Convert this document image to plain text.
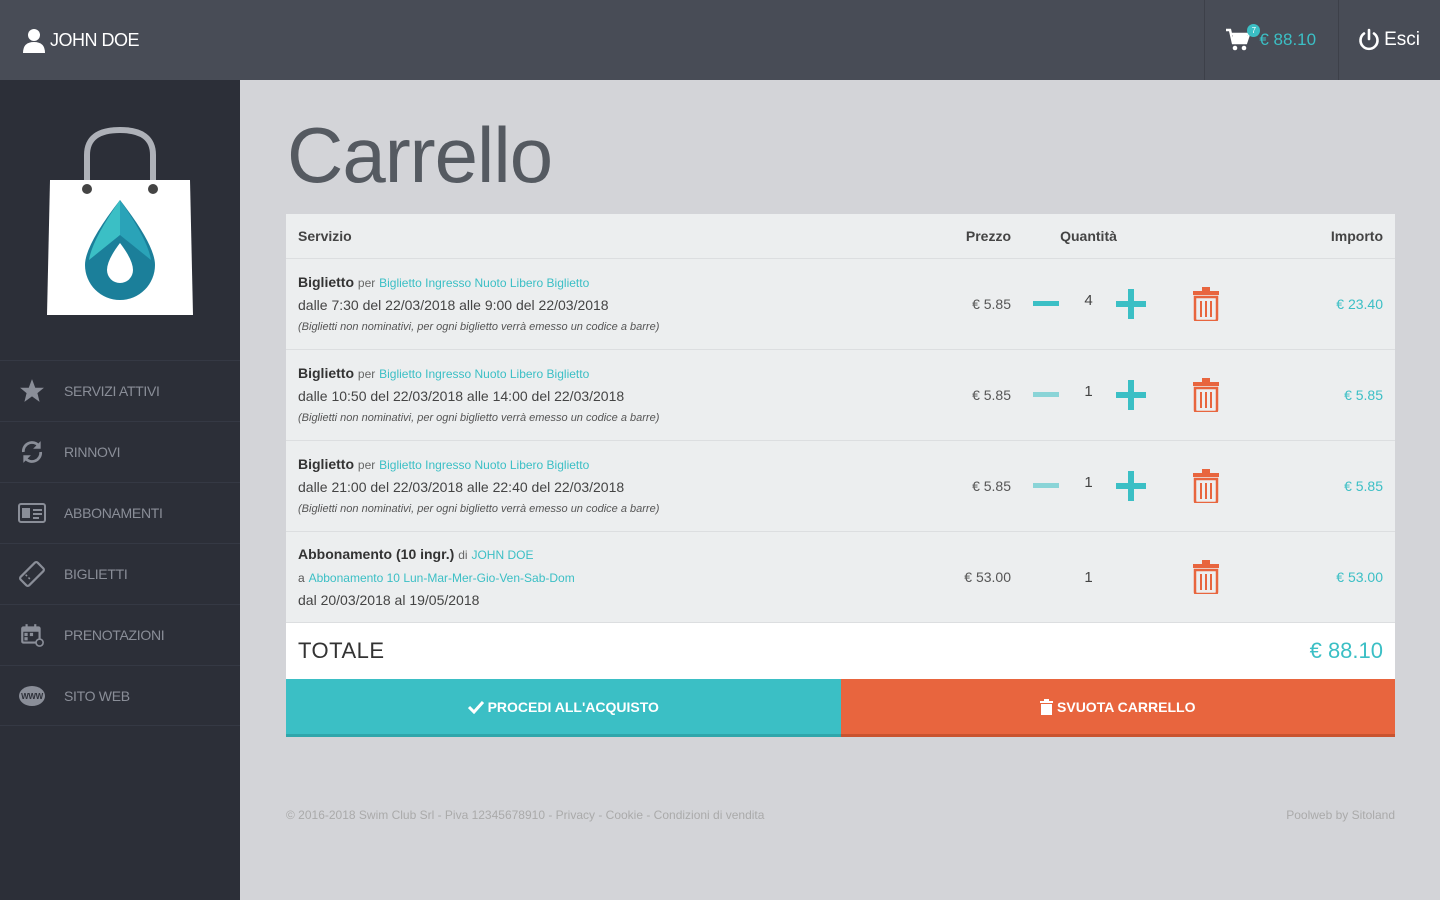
JOHN DOE	7 € 88.10	Esci
SERVIZI ATTIVI
RINNOVI
ABBONAMENTI
BIGLIETTI
PRENOTAZIONI
WWW SITO WEB
Carrello
Servizio	Prezzo	Quantità	Importo
Biglietto per Biglietto Ingresso Nuoto Libero Biglietto
dalle 7:30 del 22/03/2018 alle 9:00 del 22/03/2018
(Biglietti non nominativi, per ogni biglietto verrà emesso un codice a barre)
€ 5.85	4	€ 23.40
Biglietto per Biglietto Ingresso Nuoto Libero Biglietto
dalle 10:50 del 22/03/2018 alle 14:00 del 22/03/2018
(Biglietti non nominativi, per ogni biglietto verrà emesso un codice a barre)
€ 5.85	1	€ 5.85
Biglietto per Biglietto Ingresso Nuoto Libero Biglietto
dalle 21:00 del 22/03/2018 alle 22:40 del 22/03/2018
(Biglietti non nominativi, per ogni biglietto verrà emesso un codice a barre)
€ 5.85	1	€ 5.85
Abbonamento (10 ingr.) di JOHN DOE
a Abbonamento 10 Lun-Mar-Mer-Gio-Ven-Sab-Dom
dal 20/03/2018 al 19/05/2018
€ 53.00	1	€ 53.00
TOTALE	€ 88.10
PROCEDI ALL'ACQUISTO	SVUOTA CARRELLO
© 2016-2018 Swim Club Srl - Piva 12345678910 - Privacy - Cookie - Condizioni di vendita	Poolweb by Sitoland
